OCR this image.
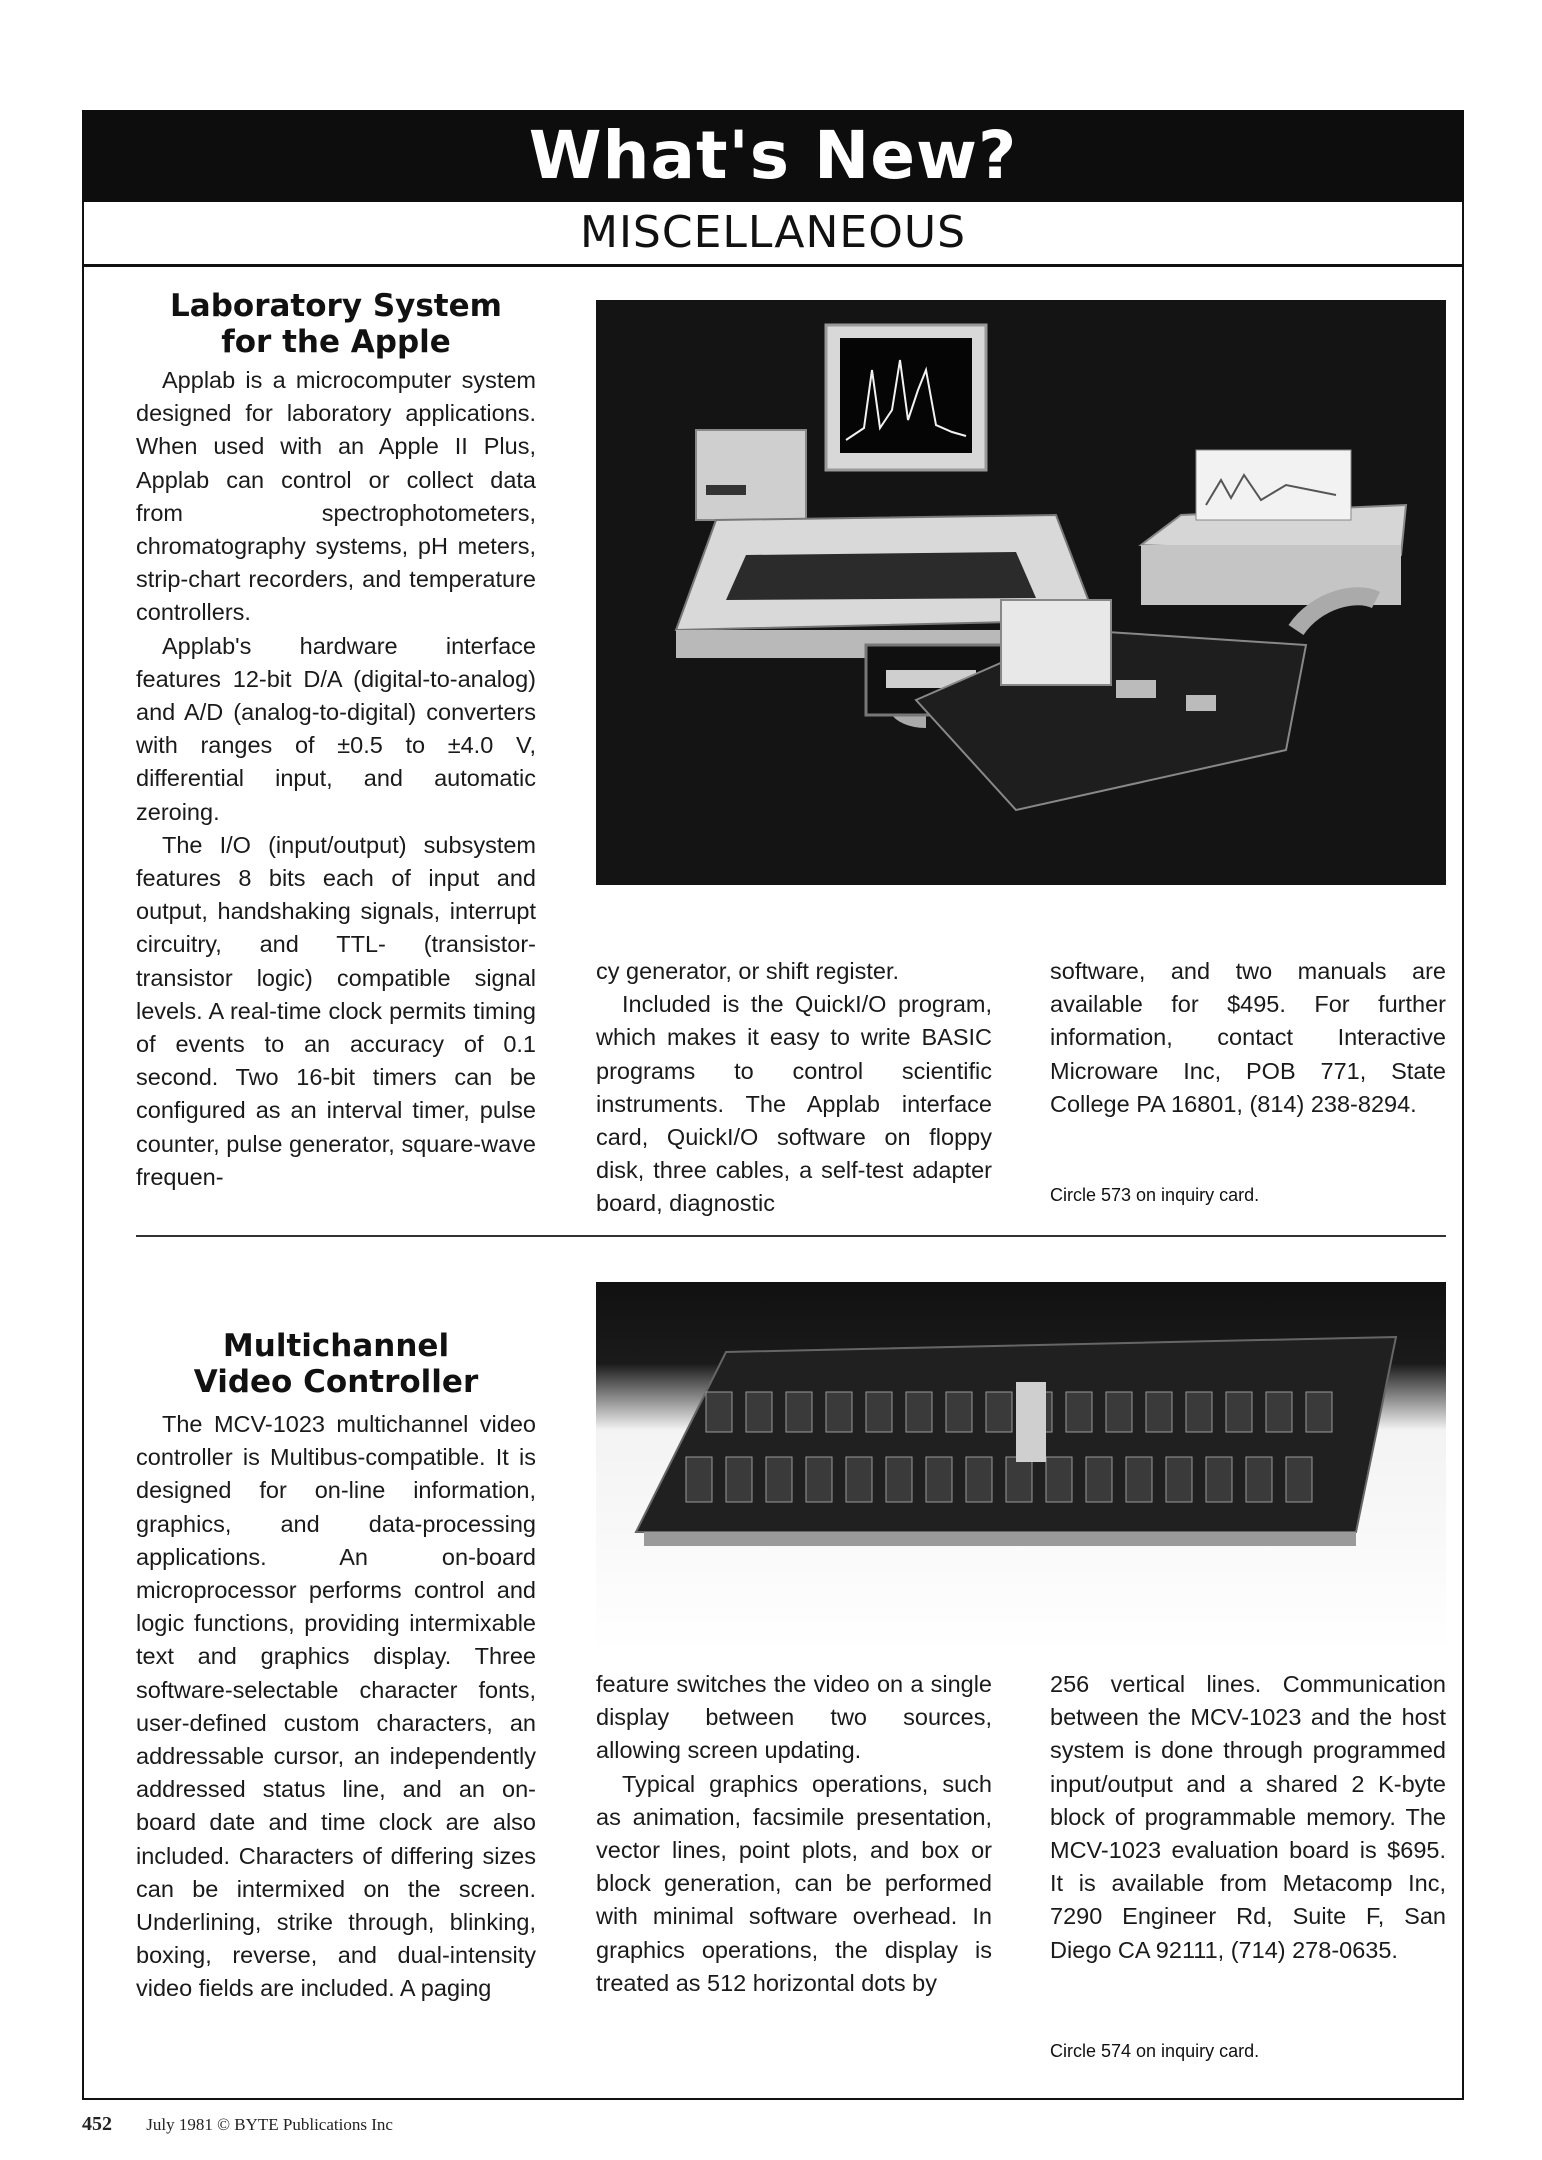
What's New?
MISCELLANEOUS
Laboratory System
for the Apple

Applab is a microcomputer system designed for laboratory applications. When used with an Apple II Plus, Applab can control or collect data from spectrophotometers, chromatography systems, pH meters, strip-chart recorders, and temperature controllers.

Applab's hardware interface features 12-bit D/A (digital-to-analog) and A/D (analog-to-digital) converters with ranges of ±0.5 to ±4.0 V, differential input, and automatic zeroing.

The I/O (input/output) subsystem features 8 bits each of input and output, handshaking signals, interrupt circuitry, and TTL- (transistor-transistor logic) compatible signal levels. A real-time clock permits timing of events to an accuracy of 0.1 second. Two 16-bit timers can be configured as an interval timer, pulse counter, pulse generator, square-wave frequen-

cy generator, or shift register.

Included is the QuickI/O program, which makes it easy to write BASIC programs to control scientific instruments. The Applab interface card, QuickI/O software on floppy disk, three cables, a self-test adapter board, diagnostic

software, and two manuals are available for $495. For further information, contact Interactive Microware Inc, POB 771, State College PA 16801, (814) 238-8294.

Circle 573 on inquiry card.
Multichannel
Video Controller

The MCV-1023 multichannel video controller is Multibus-compatible. It is designed for on-line information, graphics, and data-processing applications. An on-board microprocessor performs control and logic functions, providing intermixable text and graphics display. Three software-selectable character fonts, user-defined custom characters, an addressable cursor, an independently addressed status line, and an on-board date and time clock are also included. Characters of differing sizes can be intermixed on the screen. Underlining, strike through, blinking, boxing, reverse, and dual-intensity video fields are included. A paging

feature switches the video on a single display between two sources, allowing screen updating.

Typical graphics operations, such as animation, facsimile presentation, vector lines, point plots, and box or block generation, can be performed with minimal software overhead. In graphics operations, the display is treated as 512 horizontal dots by

256 vertical lines. Communication between the MCV-1023 and the host system is done through programmed input/output and a shared 2 K-byte block of programmable memory. The MCV-1023 evaluation board is $695. It is available from Metacomp Inc, 7290 Engineer Rd, Suite F, San Diego CA 92111, (714) 278-0635.

Circle 574 on inquiry card.
452 July 1981 © BYTE Publications Inc
